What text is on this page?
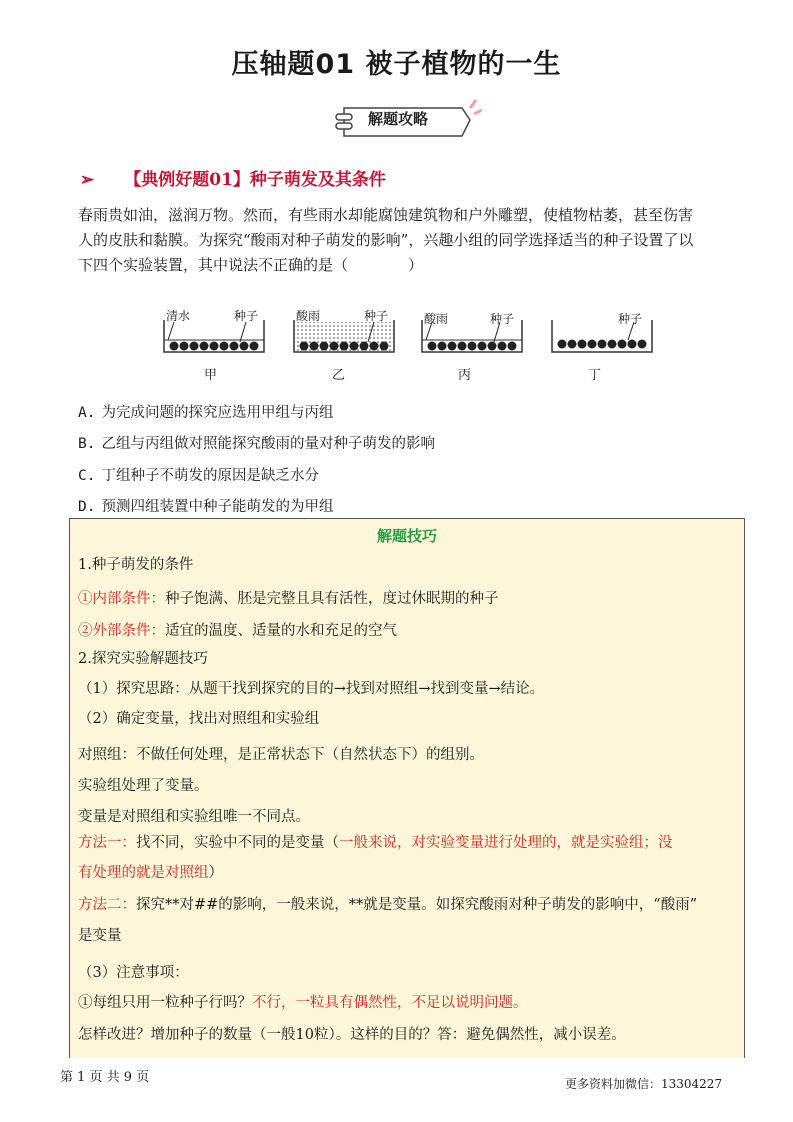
压轴题01 被子植物的一生
解题攻略
➢ 【典例好题01】种子萌发及其条件
春雨贵如油，滋润万物。然而，有些雨水却能腐蚀建筑物和户外雕塑，使植物枯萎，甚至伤害
人的皮肤和黏膜。为探究“酸雨对种子萌发的影响”，兴趣小组的同学选择适当的种子设置了以
下四个实验装置，其中说法不正确的是（　　　　）
清水	种子	酸雨	种子	酸雨	种子	种子
甲	乙	丙	丁
A. 为完成问题的探究应选用甲组与丙组
B. 乙组与丙组做对照能探究酸雨的量对种子萌发的影响
C. 丁组种子不萌发的原因是缺乏水分
D. 预测四组装置中种子能萌发的为甲组
解题技巧
1.种子萌发的条件
①内部条件：种子饱满、胚是完整且具有活性，度过休眠期的种子
②外部条件：适宜的温度、适量的水和充足的空气
2.探究实验解题技巧
（1）探究思路：从题干找到探究的目的→找到对照组→找到变量→结论。
（2）确定变量，找出对照组和实验组
对照组：不做任何处理，是正常状态下（自然状态下）的组别。
实验组处理了变量。
变量是对照组和实验组唯一不同点。
方法一：找不同，实验中不同的是变量（一般来说，对实验变量进行处理的，就是实验组；没
有处理的就是对照组）
方法二：探究**对##的影响，一般来说，**就是变量。如探究酸雨对种子萌发的影响中，“酸雨”
是变量
（3）注意事项：
①每组只用一粒种子行吗？不行，一粒具有偶然性，不足以说明问题。
怎样改进？增加种子的数量（一般10粒）。这样的目的？答：避免偶然性，减小误差。
第 1 页 共 9 页	更多资料加微信：13304227
